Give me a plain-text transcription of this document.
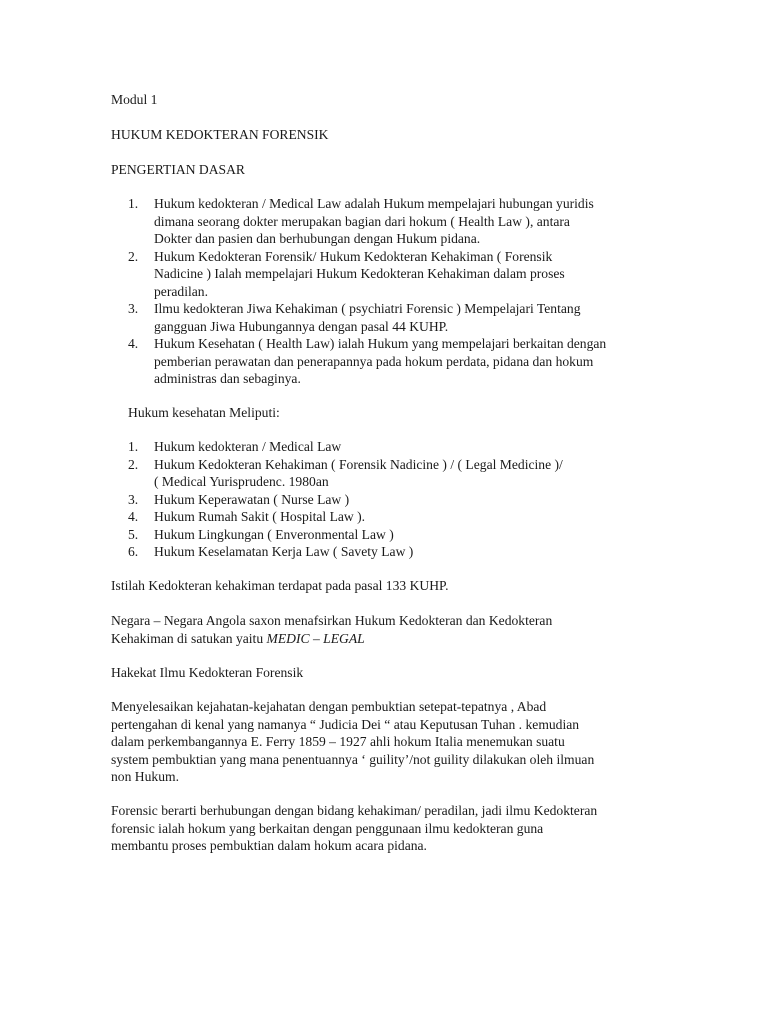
Modul 1

HUKUM KEDOKTERAN FORENSIK

PENGERTIAN DASAR

1. Hukum kedokteran / Medical Law adalah Hukum mempelajari hubungan yuridis
dimana seorang dokter merupakan bagian dari hokum ( Health Law ), antara
Dokter dan pasien dan berhubungan dengan Hukum pidana.
2. Hukum Kedokteran Forensik/ Hukum Kedokteran Kehakiman ( Forensik
Nadicine ) Ialah mempelajari Hukum Kedokteran Kehakiman dalam proses
peradilan.
3. Ilmu kedokteran Jiwa Kehakiman ( psychiatri Forensic ) Mempelajari Tentang
gangguan Jiwa Hubungannya dengan pasal 44 KUHP.
4. Hukum Kesehatan ( Health Law) ialah Hukum yang mempelajari berkaitan dengan
pemberian perawatan dan penerapannya pada hokum perdata, pidana dan hokum
administras dan sebaginya.

Hukum kesehatan Meliputi:

1. Hukum kedokteran / Medical Law
2. Hukum Kedokteran Kehakiman ( Forensik Nadicine ) / ( Legal Medicine )/
( Medical Yurisprudenc. 1980an
3. Hukum Keperawatan ( Nurse Law )
4. Hukum Rumah Sakit ( Hospital Law ).
5. Hukum Lingkungan ( Enveronmental Law )
6. Hukum Keselamatan Kerja Law ( Savety Law )

Istilah Kedokteran kehakiman terdapat pada pasal 133 KUHP.

Negara – Negara Angola saxon menafsirkan Hukum Kedokteran dan Kedokteran
Kehakiman di satukan yaitu MEDIC – LEGAL

Hakekat Ilmu Kedokteran Forensik

Menyelesaikan kejahatan-kejahatan dengan pembuktian setepat-tepatnya , Abad
pertengahan di kenal yang namanya “ Judicia Dei “ atau Keputusan Tuhan . kemudian
dalam perkembangannya E. Ferry 1859 – 1927 ahli hokum Italia menemukan suatu
system pembuktian yang mana penentuannya ‘ guility’/not guility dilakukan oleh ilmuan
non Hukum.

Forensic berarti berhubungan dengan bidang kehakiman/ peradilan, jadi ilmu Kedokteran
forensic ialah hokum yang berkaitan dengan penggunaan ilmu kedokteran guna
membantu proses pembuktian dalam hokum acara pidana.
